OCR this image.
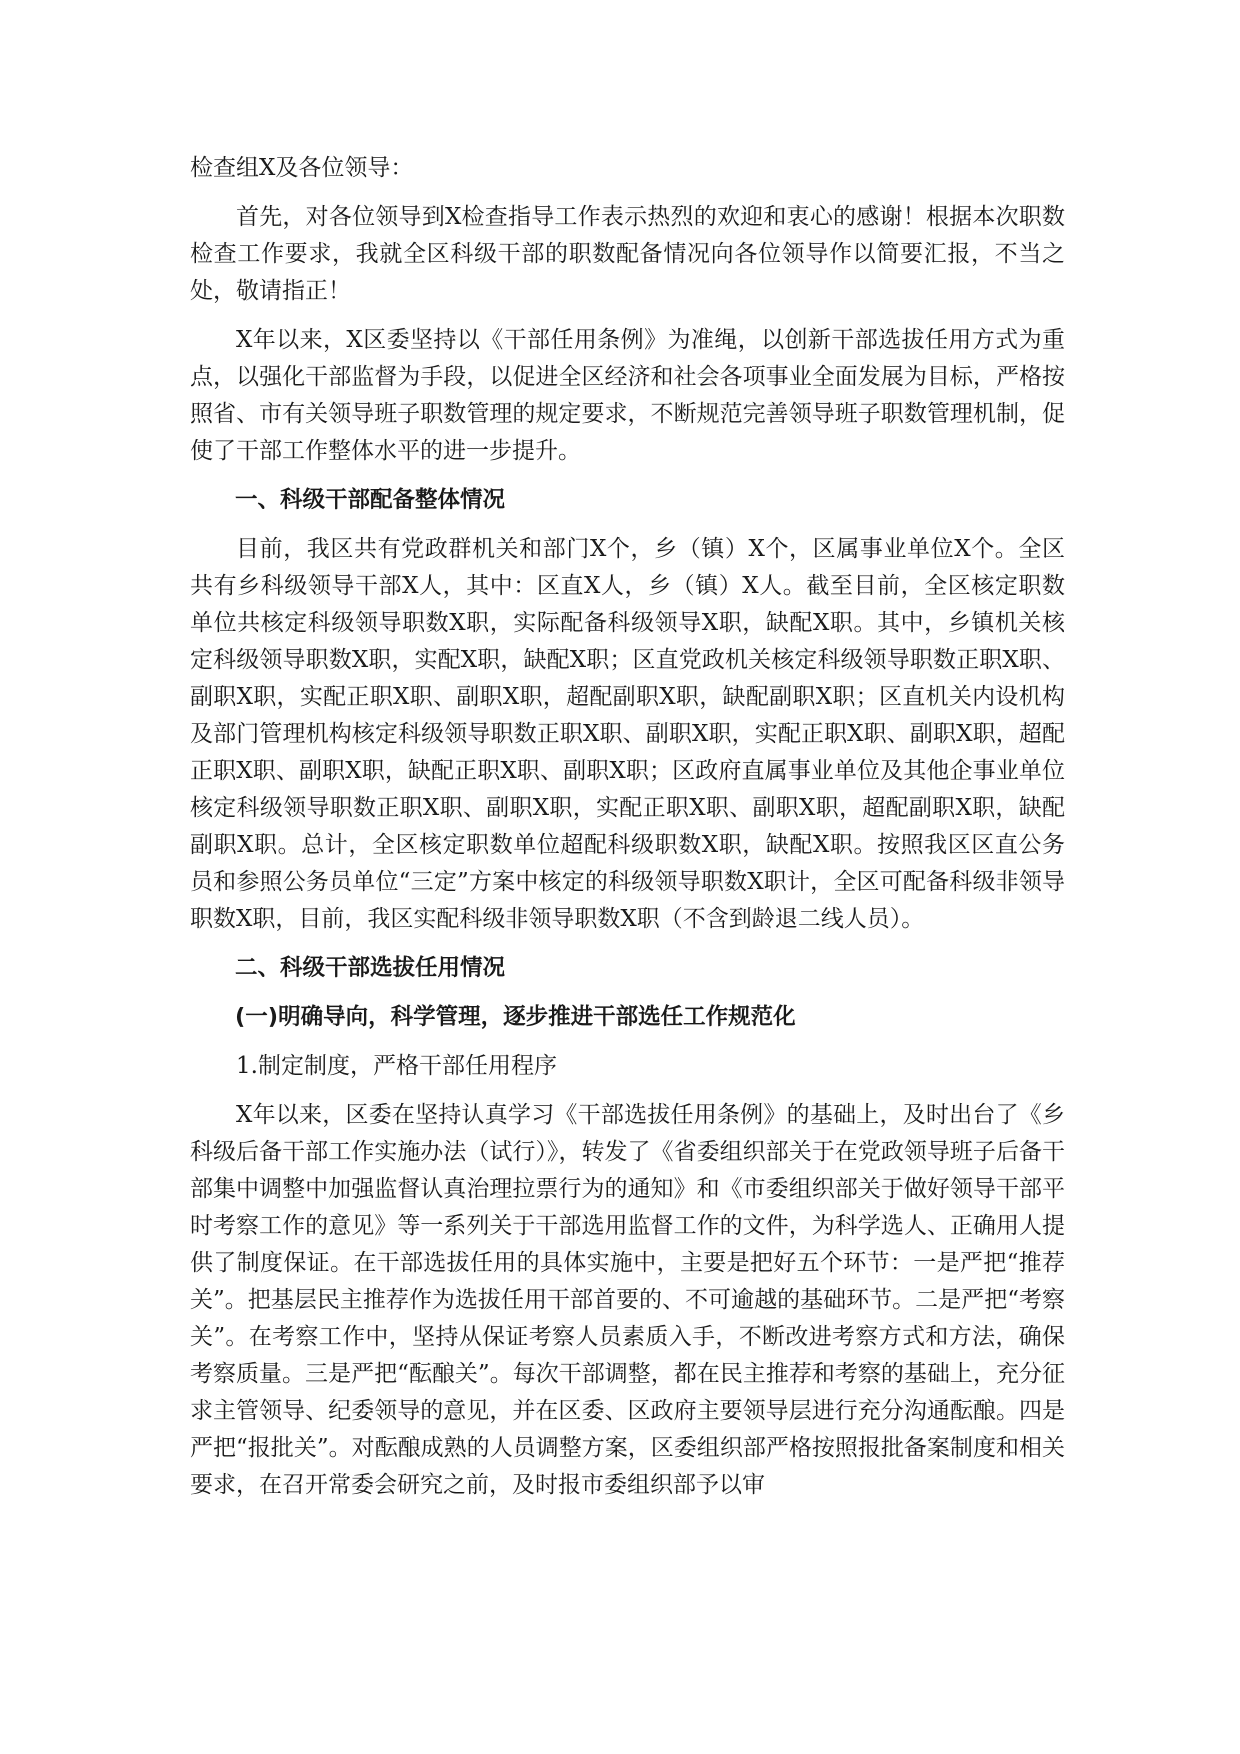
检查组X及各位领导：

首先，对各位领导到X检查指导工作表示热烈的欢迎和衷心的感谢！根据本次职数检查工作要求，我就全区科级干部的职数配备情况向各位领导作以简要汇报，不当之处，敬请指正！

X年以来，X区委坚持以《干部任用条例》为准绳，以创新干部选拔任用方式为重点，以强化干部监督为手段，以促进全区经济和社会各项事业全面发展为目标，严格按照省、市有关领导班子职数管理的规定要求，不断规范完善领导班子职数管理机制，促使了干部工作整体水平的进一步提升。

一、科级干部配备整体情况

目前，我区共有党政群机关和部门X个，乡（镇）X个，区属事业单位X个。全区共有乡科级领导干部X人，其中：区直X人，乡（镇）X人。截至目前，全区核定职数单位共核定科级领导职数X职，实际配备科级领导X职，缺配X职。其中，乡镇机关核定科级领导职数X职，实配X职，缺配X职；区直党政机关核定科级领导职数正职X职、副职X职，实配正职X职、副职X职，超配副职X职，缺配副职X职；区直机关内设机构及部门管理机构核定科级领导职数正职X职、副职X职，实配正职X职、副职X职，超配正职X职、副职X职，缺配正职X职、副职X职；区政府直属事业单位及其他企事业单位核定科级领导职数正职X职、副职X职，实配正职X职、副职X职，超配副职X职，缺配副职X职。总计，全区核定职数单位超配科级职数X职，缺配X职。按照我区区直公务员和参照公务员单位“三定”方案中核定的科级领导职数X职计，全区可配备科级非领导职数X职，目前，我区实配科级非领导职数X职（不含到龄退二线人员）。

二、科级干部选拔任用情况

(一)明确导向，科学管理，逐步推进干部选任工作规范化

1.制定制度，严格干部任用程序

X年以来，区委在坚持认真学习《干部选拔任用条例》的基础上，及时出台了《乡科级后备干部工作实施办法（试行）》，转发了《省委组织部关于在党政领导班子后备干部集中调整中加强监督认真治理拉票行为的通知》和《市委组织部关于做好领导干部平时考察工作的意见》等一系列关于干部选用监督工作的文件，为科学选人、正确用人提供了制度保证。在干部选拔任用的具体实施中，主要是把好五个环节：一是严把“推荐关”。把基层民主推荐作为选拔任用干部首要的、不可逾越的基础环节。二是严把“考察关”。在考察工作中，坚持从保证考察人员素质入手，不断改进考察方式和方法，确保考察质量。三是严把“酝酿关”。每次干部调整，都在民主推荐和考察的基础上，充分征求主管领导、纪委领导的意见，并在区委、区政府主要领导层进行充分沟通酝酿。四是严把“报批关”。对酝酿成熟的人员调整方案，区委组织部严格按照报批备案制度和相关要求，在召开常委会研究之前，及时报市委组织部予以审
